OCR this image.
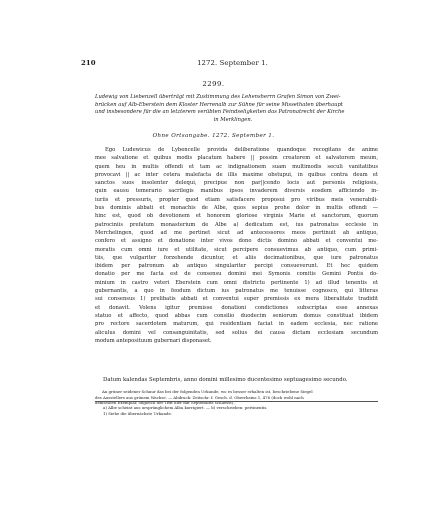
210	1272. September 1.
2299.
Ludewig von Liebenzell überträgt mit Zustimmung des Lehensherrn Grafen Simon von Zwei-
brücken auf Alb-Eberstein dem Kloster Herrenalb zur Sühne für seine Missethaten überhaupt
und insbesondere für die an letzterem verübten Feindseligkeiten das Patronatrecht der Kirche
in Merklingen.
Ohne Ortsangabe. 1272. September 1.
Ego Ludewicus de Lybencelle provida deliberatione quandoque recogitans de anime
mee salvatione et quibus modis placatum habere || possim creatorem et salvatorem meum,
quem heu in multis offendi et tam ac indignationem suam multimodis seculi vanitatibus
provocavi || ac inter cetera malefacta de illis maxime obstupui, in quibus contra deum et
sanctos suos insolenter delequi, precipue non par||cendo locis aut personis religiosis,
quin eausu temerario sacrilegis manibus ipsos invaderem diversis eosdem afficiendo in-
iuriis et pressuris, propter quod etiam satisfacere proposui pro viribus meis venerabili-
bus dominis abbati et monachis de Albe, quos sepius prohe dolor in multis offendi —
hinc est, quod ob devotionem et honorem gloriose virginis Marie et sanctorum, quorum
patrociniis prefatum monasterium de Albe a) dedicatum est, ius patronatus ecclesie in
Merchelingen, quod ad me pertinet sicut ad antecessores meos pertinuit ab antiquo,
confero et assigno et donatione inter vivos dono dictis domino abbati et conventui me-
moratis cum omni iure et utilitate, sicut percipere consuevimus ab antiquo, cum primi-
tiis, que vulgariter forzehende dicuntur, et aliis decimationibus, que iure patronatus
ibidem per patronum ab antiquo singulariter percipi consueverunt. Et hec quidem
donatio per me facta est de consensu domini mei Symonis comitis Gemini Pontis do-
minium in castro veteri Eberstein cum omni districtu pertinente 1) ad illud tenentis et
gubernantis, a quo in feodum dictum ius patronatus me tenuisse cognosco, qui litteras
sui consensus 1) prelibatis abbati et conventui super premissis ex mera liberalitate tradidit
et donavit. Volens igitur premisse donationi condictiones subscriptas esse annexas
statuo et affecto, quod abbas cum consilio duodecim seniorum domus constituat ibidem
pro rectore sacerdotem maturum, qui residentiam faciat in eadem ecclesia, nec ratione
aliculus domini vel consanguinitatis, sed solius dei causa dictam ecclesiam secundum
modum anteposituum gubernari disponaset.
Datum kalendas Septembris, anno domini millesimo ducentesimo septuagesimo secundo.
An grüner seidener Schnur das bei der folgenden Urkunde, wo es besser erhalten ist, beschriebene Siegel
des Ausstellers aus grünem Wachse. — Abdruck: Zeitschr. f. Gesch. d. Oberrheins 1, 476 (doch wohl nach
demselben Exemplar, obgleich der Text hier mit Septembris schliesst).
a) Albe scheint aus ursprünglichem Alba korrigiert. — b) verschrieben: pertinentis.
1) Siehe die übernächste Urkunde.
